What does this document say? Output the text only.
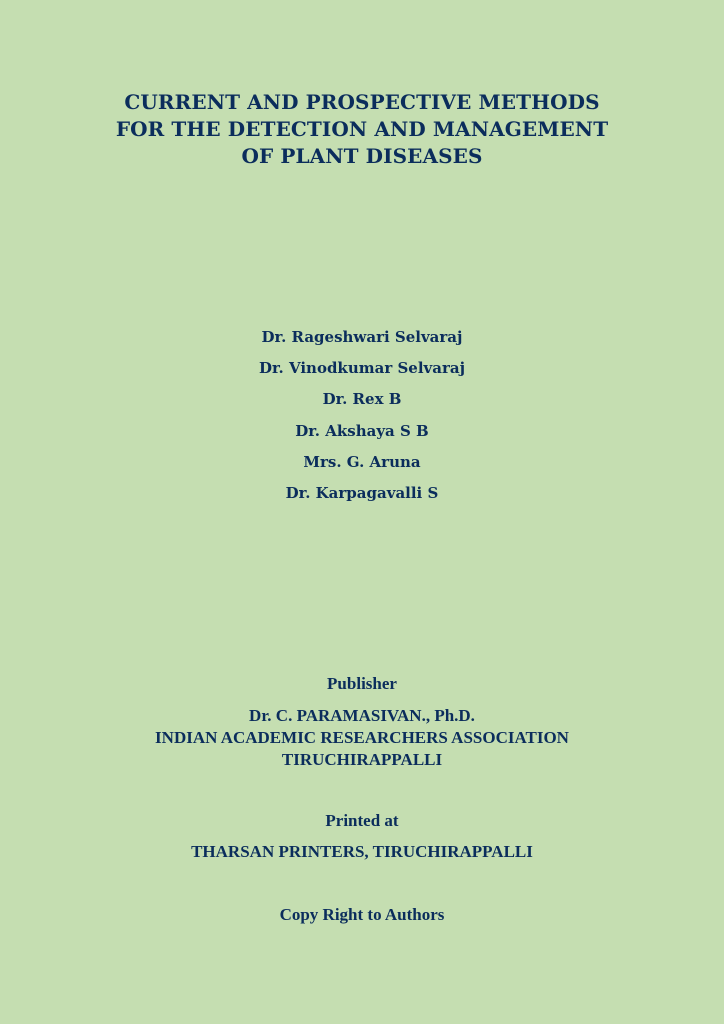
CURRENT AND PROSPECTIVE METHODS
FOR THE DETECTION AND MANAGEMENT
OF PLANT DISEASES
Dr. Rageshwari Selvaraj
Dr. Vinodkumar Selvaraj
Dr. Rex B
Dr. Akshaya S B
Mrs. G. Aruna
Dr. Karpagavalli S
Publisher
Dr. C. PARAMASIVAN., Ph.D.
INDIAN ACADEMIC RESEARCHERS ASSOCIATION
TIRUCHIRAPPALLI
Printed at
THARSAN PRINTERS, TIRUCHIRAPPALLI
Copy Right to Authors
